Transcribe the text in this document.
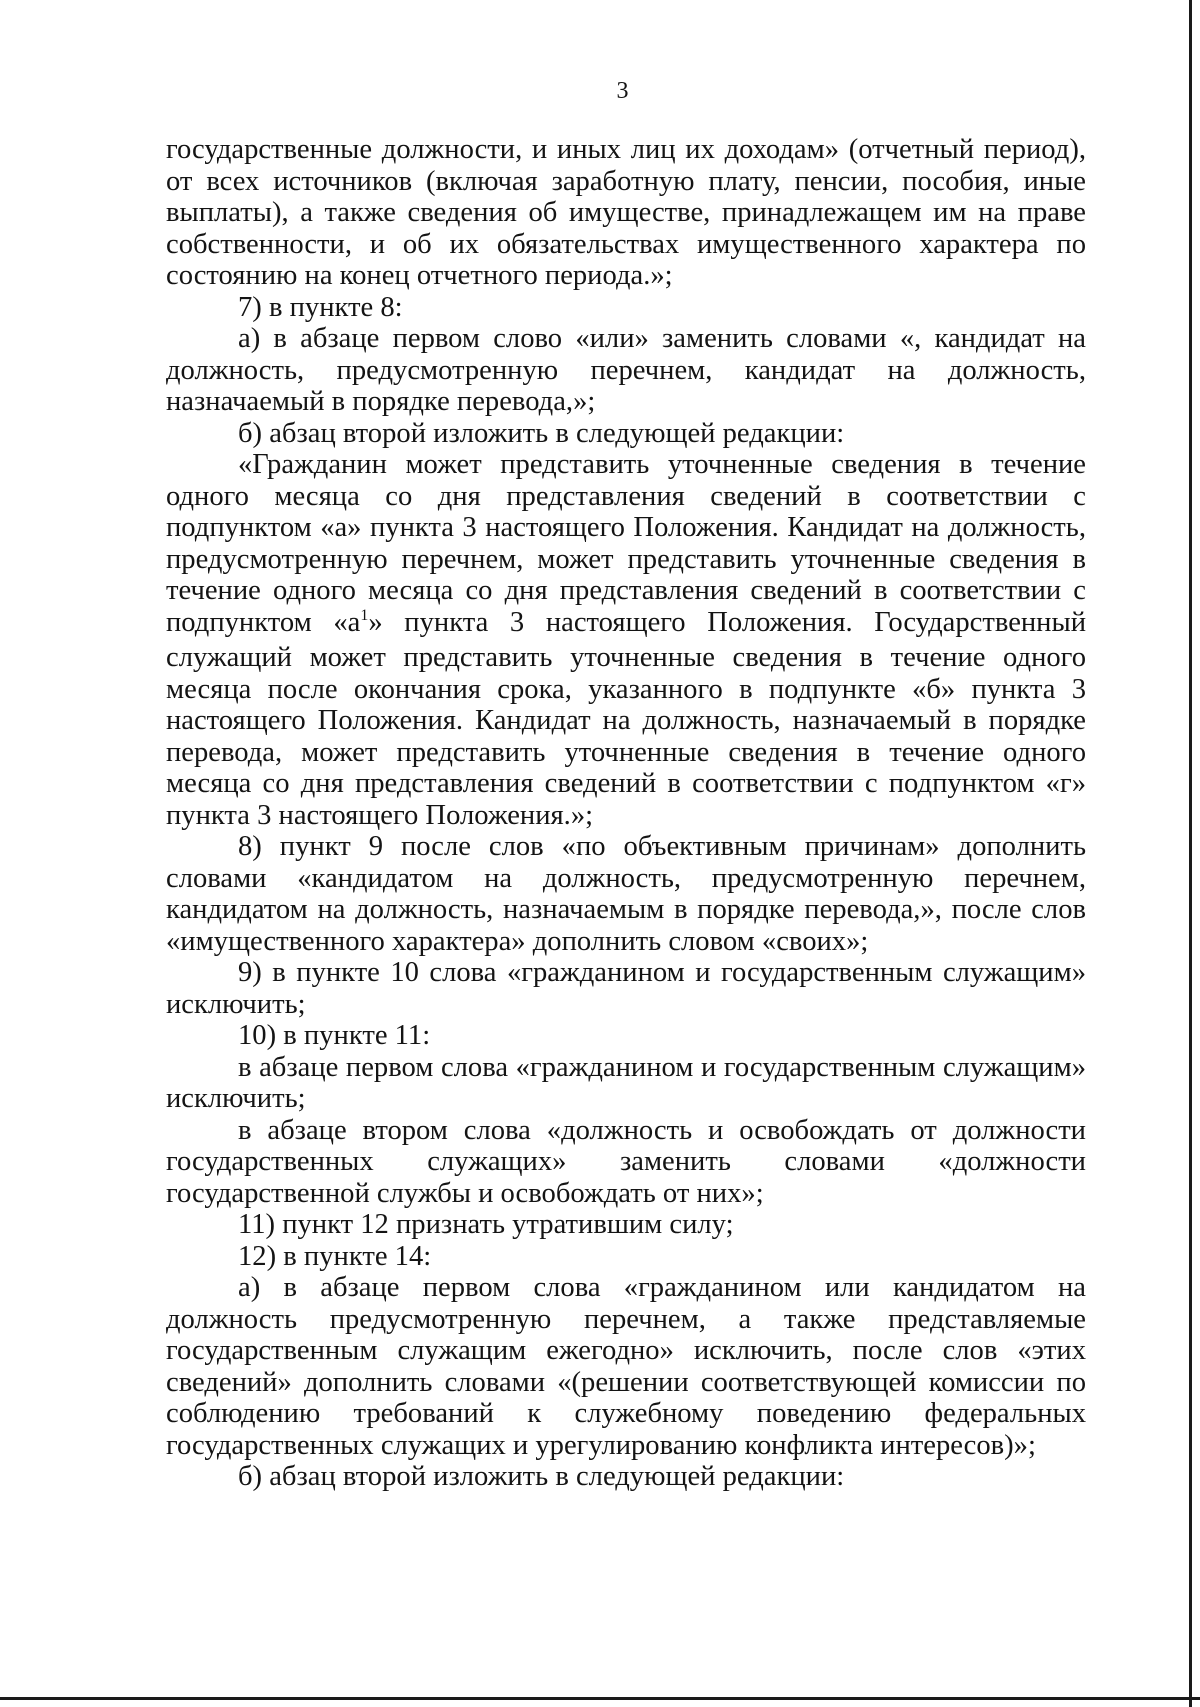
3

государственные должности, и иных лиц их доходам» (отчетный период), от всех источников (включая заработную плату, пенсии, пособия, иные выплаты), а также сведения об имуществе, принадлежащем им на праве собственности, и об их обязательствах имущественного характера по состоянию на конец отчетного периода.»;

7) в пункте 8:

а) в абзаце первом слово «или» заменить словами «, кандидат на должность, предусмотренную перечнем, кандидат на должность, назначаемый в порядке перевода,»;

б) абзац второй изложить в следующей редакции:

«Гражданин может представить уточненные сведения в течение одного месяца со дня представления сведений в соответствии с подпунктом «а» пункта 3 настоящего Положения. Кандидат на должность, предусмотренную перечнем, может представить уточненные сведения в течение одного месяца со дня представления сведений в соответствии с подпунктом «$а^1$» пункта 3 настоящего Положения. Государственный служащий может представить уточненные сведения в течение одного месяца после окончания срока, указанного в подпункте «б» пункта 3 настоящего Положения. Кандидат на должность, назначаемый в порядке перевода, может представить уточненные сведения в течение одного месяца со дня представления сведений в соответствии с подпунктом «г» пункта 3 настоящего Положения.»;

8) пункт 9 после слов «по объективным причинам» дополнить словами «кандидатом на должность, предусмотренную перечнем, кандидатом на должность, назначаемым в порядке перевода,», после слов «имущественного характера» дополнить словом «своих»;

9) в пункте 10 слова «гражданином и государственным служащим» исключить;

10) в пункте 11:

в абзаце первом слова «гражданином и государственным служащим» исключить;

в абзаце втором слова «должность и освобождать от должности государственных служащих» заменить словами «должности государственной службы и освобождать от них»;

11) пункт 12 признать утратившим силу;

12) в пункте 14:

а) в абзаце первом слова «гражданином или кандидатом на должность предусмотренную перечнем, а также представляемые государственным служащим ежегодно» исключить, после слов «этих сведений» дополнить словами «(решении соответствующей комиссии по соблюдению требований к служебному поведению федеральных государственных служащих и урегулированию конфликта интересов)»;

б) абзац второй изложить в следующей редакции:
